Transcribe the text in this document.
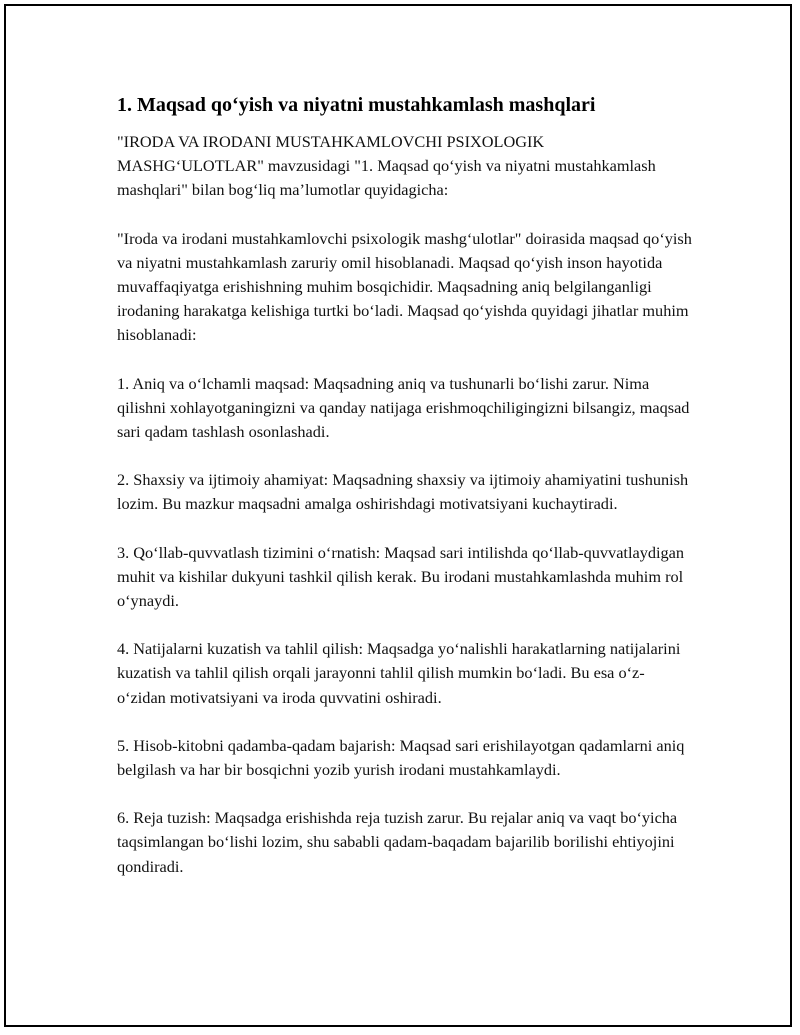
1. Maqsad qo‘yish va niyatni mustahkamlash mashqlari

"IRODA VA IRODANI MUSTAHKAMLOVCHI PSIXOLOGIK MASHG‘ULOTLAR" mavzusidagi "1. Maqsad qo‘yish va niyatni mustahkamlash mashqlari" bilan bog‘liq ma’lumotlar quyidagicha:

"Iroda va irodani mustahkamlovchi psixologik mashg‘ulotlar" doirasida maqsad qo‘yish va niyatni mustahkamlash zaruriy omil hisoblanadi. Maqsad qo‘yish inson hayotida muvaffaqiyatga erishishning muhim bosqichidir. Maqsadning aniq belgilanganligi irodaning harakatga kelishiga turtki bo‘ladi. Maqsad qo‘yishda quyidagi jihatlar muhim hisoblanadi:

1. Aniq va o‘lchamli maqsad: Maqsadning aniq va tushunarli bo‘lishi zarur. Nima qilishni xohlayotganingizni va qanday natijaga erishmoqchiligingizni bilsangiz, maqsad sari qadam tashlash osonlashadi.

2. Shaxsiy va ijtimoiy ahamiyat: Maqsadning shaxsiy va ijtimoiy ahamiyatini tushunish lozim. Bu mazkur maqsadni amalga oshirishdagi motivatsiyani kuchaytiradi.

3. Qo‘llab-quvvatlash tizimini o‘rnatish: Maqsad sari intilishda qo‘llab-quvvatlaydigan muhit va kishilar dukyuni tashkil qilish kerak. Bu irodani mustahkamlashda muhim rol o‘ynaydi.

4. Natijalarni kuzatish va tahlil qilish: Maqsadga yo‘nalishli harakatlarning natijalarini kuzatish va tahlil qilish orqali jarayonni tahlil qilish mumkin bo‘ladi. Bu esa o‘z-o‘zidan motivatsiyani va iroda quvvatini oshiradi.

5. Hisob-kitobni qadamba-qadam bajarish: Maqsad sari erishilayotgan qadamlarni aniq belgilash va har bir bosqichni yozib yurish irodani mustahkamlaydi.

6. Reja tuzish: Maqsadga erishishda reja tuzish zarur. Bu rejalar aniq va vaqt bo‘yicha taqsimlangan bo‘lishi lozim, shu sababli qadam-baqadam bajarilib borilishi ehtiyojini qondiradi.
